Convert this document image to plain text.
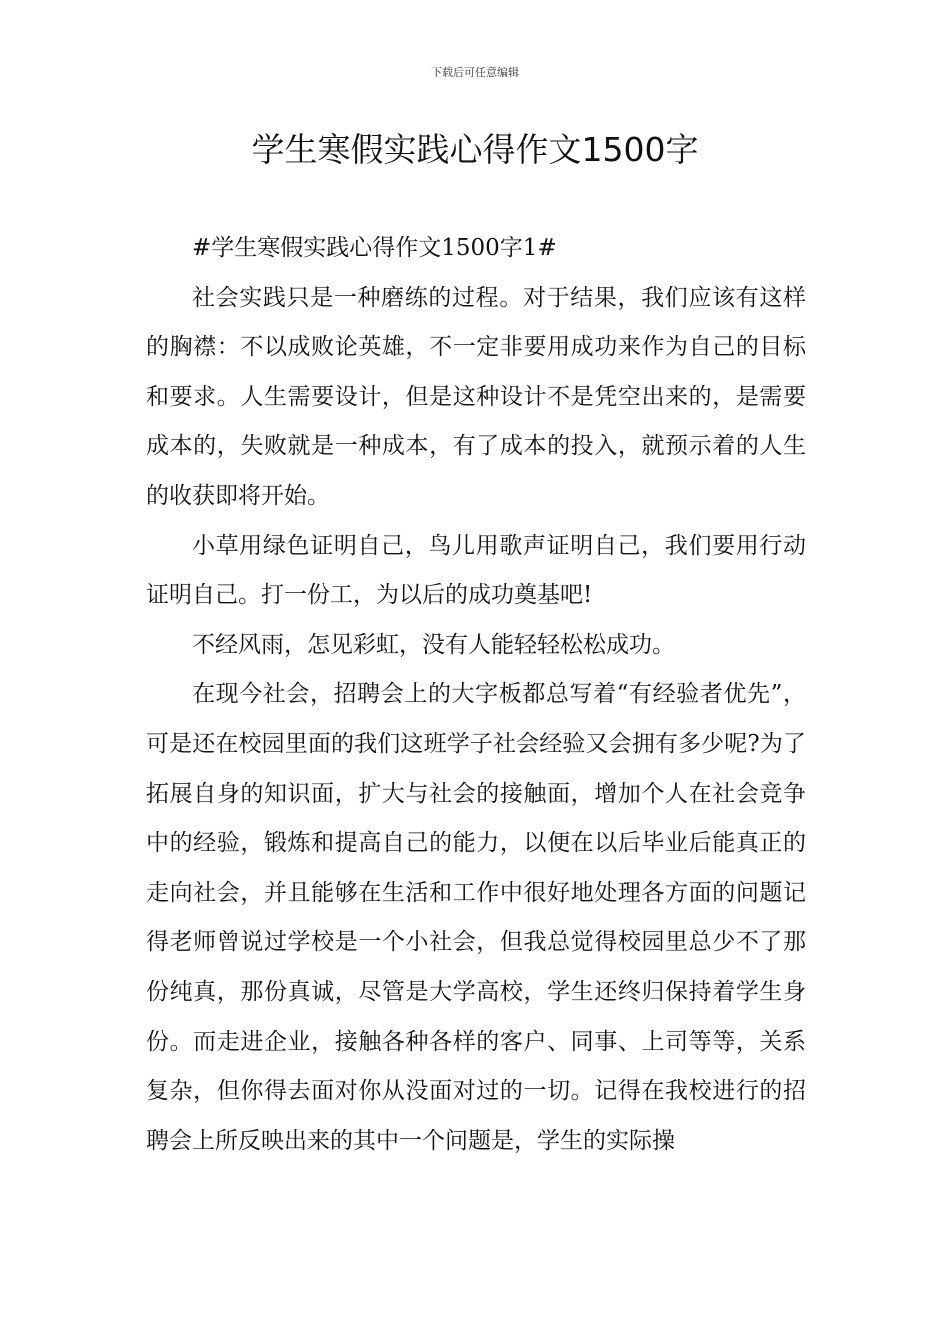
下载后可任意编辑
学生寒假实践心得作文1500字

#学生寒假实践心得作文1500字1#

社会实践只是一种磨练的过程。对于结果，我们应该有这样的胸襟：不以成败论英雄，不一定非要用成功来作为自己的目标和要求。人生需要设计，但是这种设计不是凭空出来的，是需要成本的，失败就是一种成本，有了成本的投入，就预示着的人生的收获即将开始。

小草用绿色证明自己，鸟儿用歌声证明自己，我们要用行动证明自己。打一份工，为以后的成功奠基吧!

不经风雨，怎见彩虹，没有人能轻轻松松成功。

在现今社会，招聘会上的大字板都总写着“有经验者优先”，可是还在校园里面的我们这班学子社会经验又会拥有多少呢?为了拓展自身的知识面，扩大与社会的接触面，增加个人在社会竞争中的经验，锻炼和提高自己的能力，以便在以后毕业后能真正的走向社会，并且能够在生活和工作中很好地处理各方面的问题记得老师曾说过学校是一个小社会，但我总觉得校园里总少不了那份纯真，那份真诚，尽管是大学高校，学生还终归保持着学生身份。而走进企业，接触各种各样的客户、同事、上司等等，关系复杂，但你得去面对你从没面对过的一切。记得在我校进行的招聘会上所反映出来的其中一个问题是，学生的实际操
